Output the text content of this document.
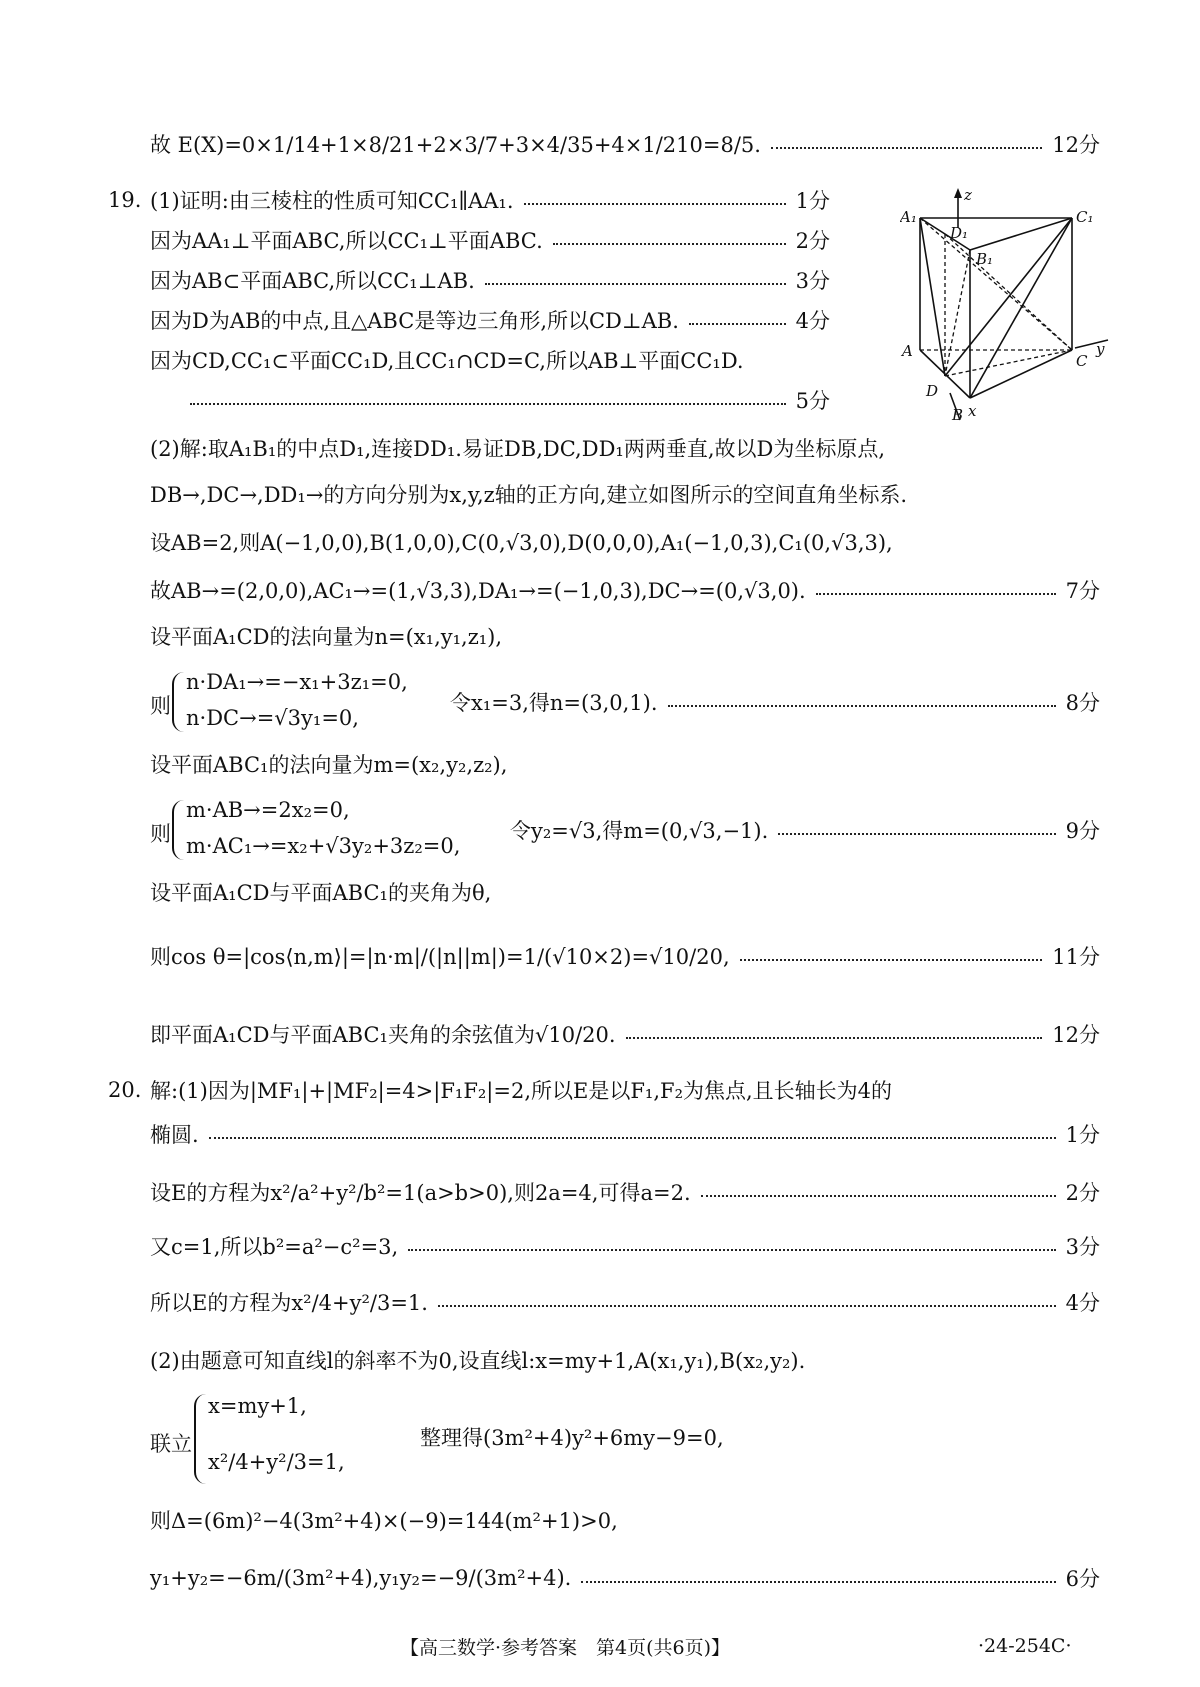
故 E(X)=0×1/14+1×8/21+2×3/7+3×4/35+4×1/210=8/5.	12分
19. (1)证明:由三棱柱的性质可知CC₁∥AA₁.	1分
因为AA₁⊥平面ABC,所以CC₁⊥平面ABC.	2分
因为AB⊂平面ABC,所以CC₁⊥AB.	3分
因为D为AB的中点,且△ABC是等边三角形,所以CD⊥AB.	4分
因为CD,CC₁⊂平面CC₁D,且CC₁∩CD=C,所以AB⊥平面CC₁D.
5分
z
A₁
D₁
C₁
B₁
A
C
y
D
B x
(2)解:取A₁B₁的中点D₁,连接DD₁.易证DB,DC,DD₁两两垂直,故以D为坐标原点,
DB→,DC→,DD₁→的方向分别为x,y,z轴的正方向,建立如图所示的空间直角坐标系.
设AB=2,则A(−1,0,0),B(1,0,0),C(0,√3,0),D(0,0,0),A₁(−1,0,3),C₁(0,√3,3),
故AB→=(2,0,0),AC₁→=(1,√3,3),DA₁→=(−1,0,3),DC→=(0,√3,0).	7分
设平面A₁CD的法向量为n=(x₁,y₁,z₁),
则
n·DA₁→=−x₁+3z₁=0,
n·DC→=√3y₁=0,
令x₁=3,得n=(3,0,1).	8分
设平面ABC₁的法向量为m=(x₂,y₂,z₂),
则
m·AB→=2x₂=0,
m·AC₁→=x₂+√3y₂+3z₂=0,
令y₂=√3,得m=(0,√3,−1).	9分
设平面A₁CD与平面ABC₁的夹角为θ,
则cos θ=|cos⟨n,m⟩|=|n·m|/(|n||m|)=1/(√10×2)=√10/20,	11分
即平面A₁CD与平面ABC₁夹角的余弦值为√10/20.	12分
20. 解:(1)因为|MF₁|+|MF₂|=4>|F₁F₂|=2,所以E是以F₁,F₂为焦点,且长轴长为4的
椭圆.	1分
设E的方程为x²/a²+y²/b²=1(a>b>0),则2a=4,可得a=2.	2分
又c=1,所以b²=a²−c²=3,	3分
所以E的方程为x²/4+y²/3=1.	4分
(2)由题意可知直线l的斜率不为0,设直线l:x=my+1,A(x₁,y₁),B(x₂,y₂).
联立
x=my+1,
x²/4+y²/3=1,
整理得(3m²+4)y²+6my−9=0,
则Δ=(6m)²−4(3m²+4)×(−9)=144(m²+1)>0,
y₁+y₂=−6m/(3m²+4),y₁y₂=−9/(3m²+4).	6分
【高三数学·参考答案　第4页(共6页)】	·24-254C·
